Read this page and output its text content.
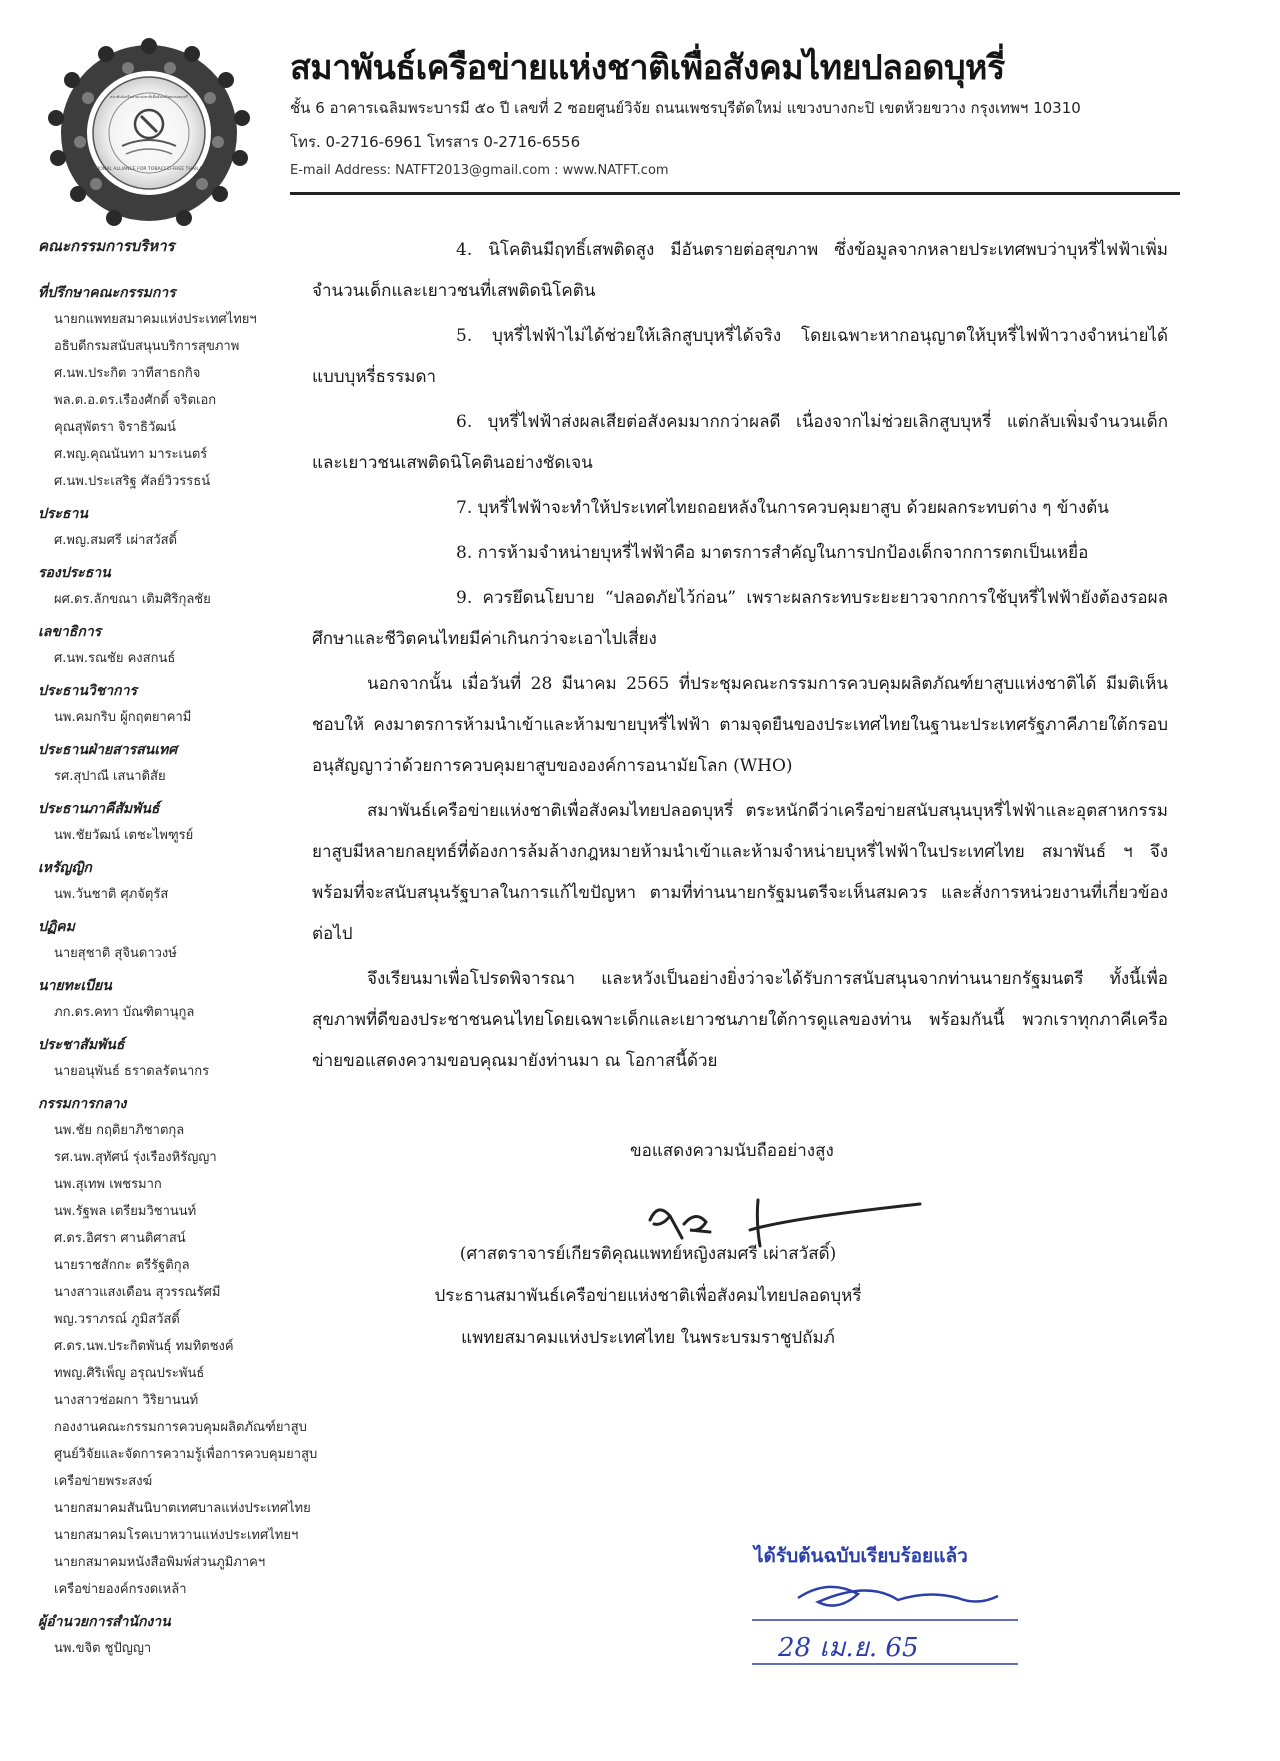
NATIONAL ALLIANCE FOR TOBACCO-FREE THAILAND
สมาพันธ์เครือข่ายแห่งชาติเพื่อสังคมไทยปลอดบุหรี่
สมาพันธ์เครือข่ายแห่งชาติเพื่อสังคมไทยปลอดบุหรี่
ชั้น 6 อาคารเฉลิมพระบารมี ๕๐ ปี เลขที่ 2 ซอยศูนย์วิจัย ถนนเพชรบุรีตัดใหม่ แขวงบางกะปิ เขตห้วยขวาง กรุงเทพฯ 10310
โทร. 0-2716-6961 โทรสาร 0-2716-6556
E-mail Address: NATFT2013@gmail.com : www.NATFT.com
คณะกรรมการบริหาร
ที่ปรึกษาคณะกรรมการ
นายกแพทยสมาคมแห่งประเทศไทยฯ
อธิบดีกรมสนับสนุนบริการสุขภาพ
ศ.นพ.ประกิต วาทีสาธกกิจ
พล.ต.อ.ดร.เรืองศักดิ์ จริตเอก
คุณสุพัตรา จิราธิวัฒน์
ศ.พญ.คุณนันทา มาระเนตร์
ศ.นพ.ประเสริฐ ศัลย์วิวรรธน์
ประธาน
ศ.พญ.สมศรี เผ่าสวัสดิ์
รองประธาน
ผศ.ดร.ลักขณา เติมศิริกุลชัย
เลขาธิการ
ศ.นพ.รณชัย คงสกนธ์
ประธานวิชาการ
นพ.คมกริบ ผู้กฤตยาคามี
ประธานฝ่ายสารสนเทศ
รศ.สุปาณี เสนาดิสัย
ประธานภาคีสัมพันธ์
นพ.ชัยวัฒน์ เตชะไพฑูรย์
เหรัญญิก
นพ.วันชาติ ศุภจัตุรัส
ปฏิคม
นายสุชาติ สุจินดาวงษ์
นายทะเบียน
ภก.ดร.คทา บัณฑิตานุกูล
ประชาสัมพันธ์
นายอนุพันธ์ ธราดลรัตนากร
กรรมการกลาง
นพ.ชัย กฤติยาภิชาตกุล
รศ.นพ.สุทัศน์ รุ่งเรืองหิรัญญา
นพ.สุเทพ เพชรมาก
นพ.รัฐพล เตรียมวิชานนท์
ศ.ดร.อิศรา ศานติศาสน์
นายราชสักกะ ตรีรัฐติกุล
นางสาวแสงเดือน สุวรรณรัศมี
พญ.วราภรณ์ ภูมิสวัสดิ์
ศ.ดร.นพ.ประกิตพันธุ์ ทมทิตชงค์
ทพญ.ศิริเพ็ญ อรุณประพันธ์
นางสาวช่อผกา วิริยานนท์
กองงานคณะกรรมการควบคุมผลิตภัณฑ์ยาสูบ
ศูนย์วิจัยและจัดการความรู้เพื่อการควบคุมยาสูบ
เครือข่ายพระสงฆ์
นายกสมาคมสันนิบาตเทศบาลแห่งประเทศไทย
นายกสมาคมโรคเบาหวานแห่งประเทศไทยฯ
นายกสมาคมหนังสือพิมพ์ส่วนภูมิภาคฯ
เครือข่ายองค์กรงดเหล้า
ผู้อำนวยการสำนักงาน
นพ.ขจิต ชูปัญญา

4. นิโคตินมีฤทธิ์เสพติดสูง มีอันตรายต่อสุขภาพ ซึ่งข้อมูลจากหลายประเทศพบว่าบุหรี่ไฟฟ้าเพิ่มจำนวนเด็กและเยาวชนที่เสพติดนิโคติน

5. บุหรี่ไฟฟ้าไม่ได้ช่วยให้เลิกสูบบุหรี่ได้จริง โดยเฉพาะหากอนุญาตให้บุหรี่ไฟฟ้าวางจำหน่ายได้แบบบุหรี่ธรรมดา

6. บุหรี่ไฟฟ้าส่งผลเสียต่อสังคมมากกว่าผลดี เนื่องจากไม่ช่วยเลิกสูบบุหรี่ แต่กลับเพิ่มจำนวนเด็กและเยาวชนเสพติดนิโคตินอย่างชัดเจน

7. บุหรี่ไฟฟ้าจะทำให้ประเทศไทยถอยหลังในการควบคุมยาสูบ ด้วยผลกระทบต่าง ๆ ข้างต้น

8. การห้ามจำหน่ายบุหรี่ไฟฟ้าคือ มาตรการสำคัญในการปกป้องเด็กจากการตกเป็นเหยื่อ

9. ควรยึดนโยบาย “ปลอดภัยไว้ก่อน” เพราะผลกระทบระยะยาวจากการใช้บุหรี่ไฟฟ้ายังต้องรอผลศึกษาและชีวิตคนไทยมีค่าเกินกว่าจะเอาไปเสี่ยง

นอกจากนั้น เมื่อวันที่ 28 มีนาคม 2565 ที่ประชุมคณะกรรมการควบคุมผลิตภัณฑ์ยาสูบแห่งชาติได้ มีมติเห็นชอบให้ คงมาตรการห้ามนำเข้าและห้ามขายบุหรี่ไฟฟ้า ตามจุดยืนของประเทศไทยในฐานะประเทศรัฐภาคีภายใต้กรอบอนุสัญญาว่าด้วยการควบคุมยาสูบขององค์การอนามัยโลก (WHO)

สมาพันธ์เครือข่ายแห่งชาติเพื่อสังคมไทยปลอดบุหรี่ ตระหนักดีว่าเครือข่ายสนับสนุนบุหรี่ไฟฟ้าและอุตสาหกรรมยาสูบมีหลายกลยุทธ์ที่ต้องการล้มล้างกฎหมายห้ามนำเข้าและห้ามจำหน่ายบุหรี่ไฟฟ้าในประเทศไทย สมาพันธ์ ฯ จึงพร้อมที่จะสนับสนุนรัฐบาลในการแก้ไขปัญหา ตามที่ท่านนายกรัฐมนตรีจะเห็นสมควร และสั่งการหน่วยงานที่เกี่ยวข้องต่อไป

จึงเรียนมาเพื่อโปรดพิจารณา และหวังเป็นอย่างยิ่งว่าจะได้รับการสนับสนุนจากท่านนายกรัฐมนตรี ทั้งนี้เพื่อสุขภาพที่ดีของประชาชนคนไทยโดยเฉพาะเด็กและเยาวชนภายใต้การดูแลของท่าน พร้อมกันนี้ พวกเราทุกภาคีเครือข่ายขอแสดงความขอบคุณมายังท่านมา ณ โอกาสนี้ด้วย

ขอแสดงความนับถืออย่างสูง
(ศาสตราจารย์เกียรติคุณแพทย์หญิงสมศรี เผ่าสวัสดิ์)
ประธานสมาพันธ์เครือข่ายแห่งชาติเพื่อสังคมไทยปลอดบุหรี่
แพทยสมาคมแห่งประเทศไทย ในพระบรมราชูปถัมภ์
ได้รับต้นฉบับเรียบร้อยแล้ว
28 เม.ย. 65
